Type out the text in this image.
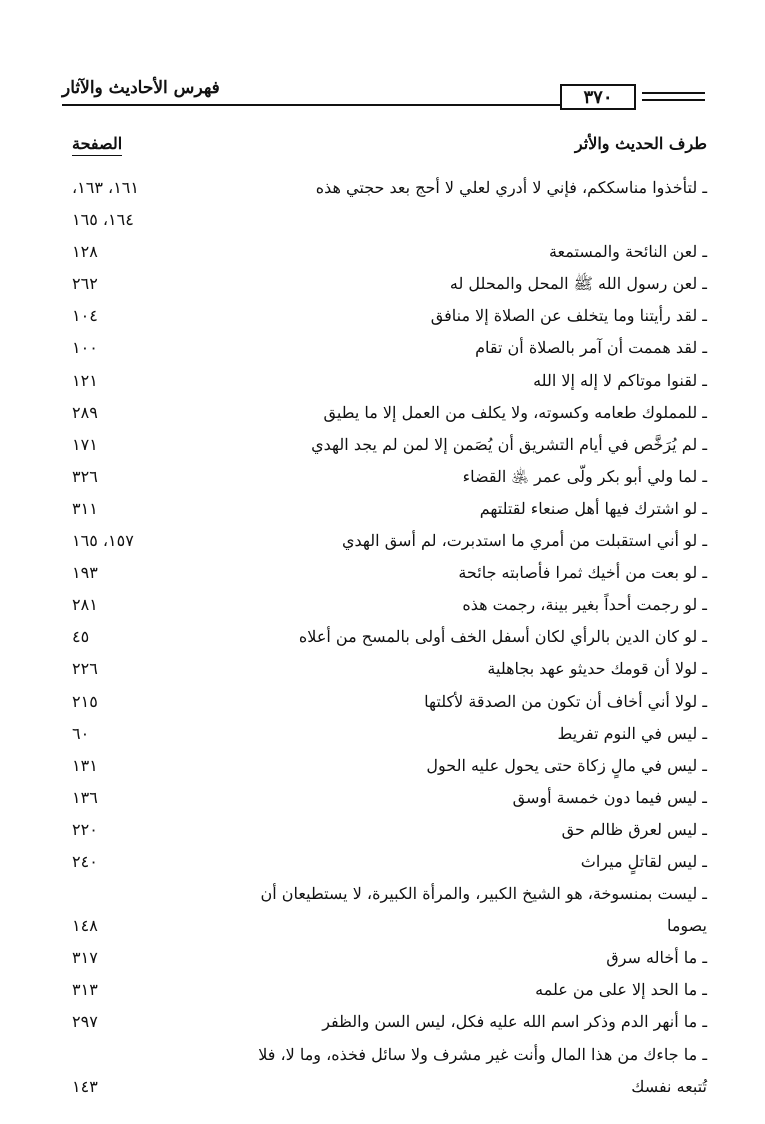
فهرس الأحاديث والآثار	٣٧٠
طرف الحديث والأثر
الصفحة
ـ لتأخذوا مناسككم، فإني لا أدري لعلي لا أحج بعد حجتي هذه
١٦١، ١٦٣،
١٦٤، ١٦٥
ـ لعن النائحة والمستمعة
١٢٨
ـ لعن رسول الله ﷺ المحل والمحلل له
٢٦٢
ـ لقد رأيتنا وما يتخلف عن الصلاة إلا منافق
١٠٤
ـ لقد هممت أن آمر بالصلاة أن تقام
١٠٠
ـ لقنوا موتاكم لا إله إلا الله
١٢١
ـ للمملوك طعامه وكسوته، ولا يكلف من العمل إلا ما يطيق
٢٨٩
ـ لم يُرَخَّص في أيام التشريق أن يُصَمن إلا لمن لم يجد الهدي
١٧١
ـ لما ولي أبو بكر ولّى عمر ﵁ القضاء
٣٢٦
ـ لو اشترك فيها أهل صنعاء لقتلتهم
٣١١
ـ لو أني استقبلت من أمري ما استدبرت، لم أسق الهدي
١٥٧، ١٦٥
ـ لو بعت من أخيك ثمرا فأصابته جائحة
١٩٣
ـ لو رجمت أحداً بغير بينة، رجمت هذه
٢٨١
ـ لو كان الدين بالرأي لكان أسفل الخف أولى بالمسح من أعلاه
٤٥
ـ لولا أن قومك حديثو عهد بجاهلية
٢٢٦
ـ لولا أني أخاف أن تكون من الصدقة لأكلتها
٢١٥
ـ ليس في النوم تفريط
٦٠
ـ ليس في مالٍ زكاة حتى يحول عليه الحول
١٣١
ـ ليس فيما دون خمسة أوسق
١٣٦
ـ ليس لعرق ظالم حق
٢٢٠
ـ ليس لقاتلٍ ميراث
٢٤٠
ـ ليست بمنسوخة، هو الشيخ الكبير، والمرأة الكبيرة، لا يستطيعان أن
يصوما
١٤٨
ـ ما أخاله سرق
٣١٧
ـ ما الحد إلا على من علمه
٣١٣
ـ ما أنهر الدم وذكر اسم الله عليه فكل، ليس السن والظفر
٢٩٧
ـ ما جاءك من هذا المال وأنت غير مشرف ولا سائل فخذه، وما لا، فلا
تُتبعه نفسك
١٤٣
